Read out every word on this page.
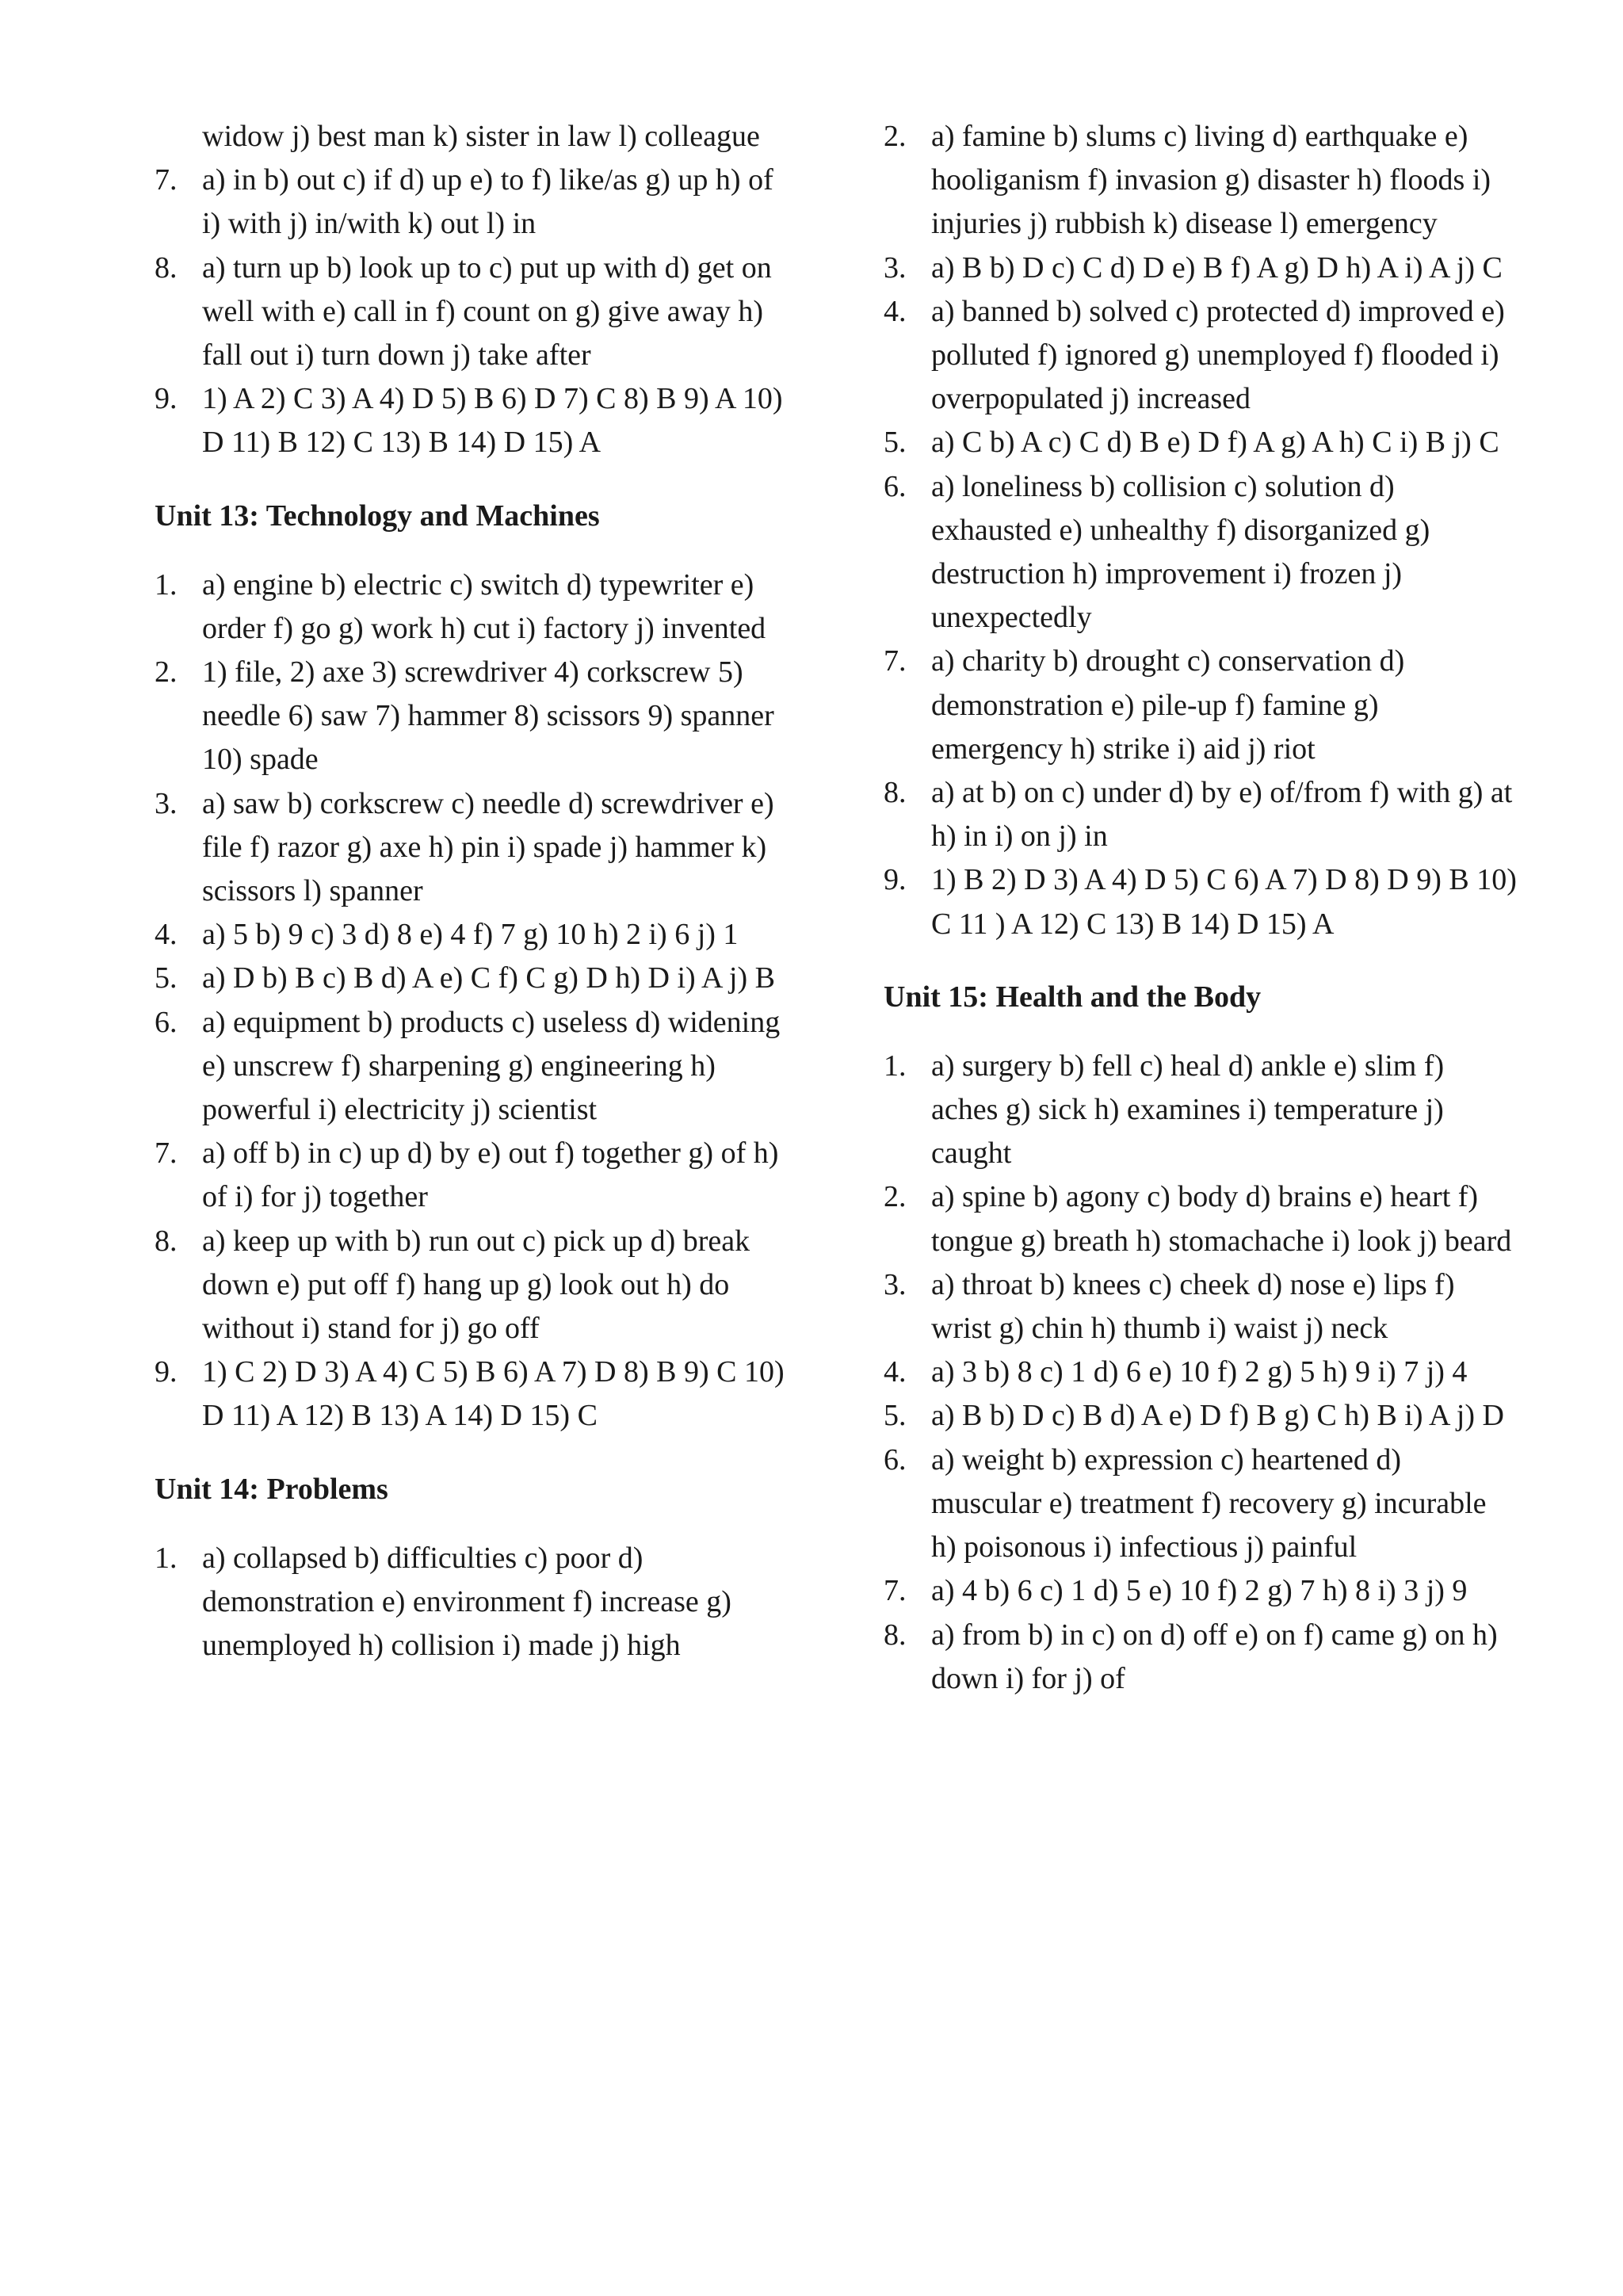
widow j) best man k) sister in law l) colleague
7. a) in b) out c) if d) up e) to f) like/as g) up h) of i) with j) in/with k) out l) in
8. a) turn up b) look up to c) put up with d) get on well with e) call in f) count on g) give away h) fall out i) turn down j) take after
9. 1) A 2) C 3) A 4) D 5) B 6) D 7) C 8) B 9) A 10) D 11) B 12) C 13) B 14) D 15) A
Unit 13: Technology and Machines
1. a) engine b) electric c) switch d) typewriter e) order f) go g) work h) cut i) factory j) invented
2. 1) file, 2) axe 3) screwdriver 4) corkscrew 5) needle 6) saw 7) hammer 8) scissors 9) spanner 10) spade
3. a) saw b) corkscrew c) needle d) screwdriver e) file f) razor g) axe h) pin i) spade j) hammer k) scissors l) spanner
4. a) 5 b) 9 c) 3 d) 8 e) 4 f) 7 g) 10 h) 2 i) 6 j) 1
5. a) D b) B c) B d) A e) C f) C g) D h) D i) A j) B
6. a) equipment b) products c) useless d) widening e) unscrew f) sharpening g) engineering h) powerful i) electricity j) scientist
7. a) off b) in c) up d) by e) out f) together g) of h) of i) for j) together
8. a) keep up with b) run out c) pick up d) break down e) put off f) hang up g) look out h) do without i) stand for j) go off
9. 1) C 2) D 3) A 4) C 5) B 6) A 7) D 8) B 9) C 10) D 11) A 12) B 13) A 14) D 15) C
Unit 14: Problems
1. a) collapsed b) difficulties c) poor d) demonstration e) environment f) increase g) unemployed h) collision i) made j) high
2. a) famine b) slums c) living d) earthquake e) hooliganism f) invasion g) disaster h) floods i) injuries j) rubbish k) disease l) emergency
3. a) B b) D c) C d) D e) B f) A g) D h) A i) A j) C
4. a) banned b) solved c) protected d) improved e) polluted f) ignored g) unemployed f) flooded i) overpopulated j) increased
5. a) C b) A c) C d) B e) D f) A g) A h) C i) B j) C
6. a) loneliness b) collision c) solution d) exhausted e) unhealthy f) disorganized g) destruction h) improvement i) frozen j) unexpectedly
7. a) charity b) drought c) conservation d) demonstration e) pile-up f) famine g) emergency h) strike i) aid j) riot
8. a) at b) on c) under d) by e) of/from f) with g) at h) in i) on j) in
9. 1) B 2) D 3) A 4) D 5) C 6) A 7) D 8) D 9) B 10) C 11 ) A 12) C 13) B 14) D 15) A
Unit 15: Health and the Body
1. a) surgery b) fell c) heal d) ankle e) slim f) aches g) sick h) examines i) temperature j) caught
2. a) spine b) agony c) body d) brains e) heart f) tongue g) breath h) stomachache i) look j) beard
3. a) throat b) knees c) cheek d) nose e) lips f) wrist g) chin h) thumb i) waist j) neck
4. a) 3 b) 8 c) 1 d) 6 e) 10 f) 2 g) 5 h) 9 i) 7 j) 4
5. a) B b) D c) B d) A e) D f) B g) C h) B i) A j) D
6. a) weight b) expression c) heartened d) muscular e) treatment f) recovery g) incurable h) poisonous i) infectious j) painful
7. a) 4 b) 6 c) 1 d) 5 e) 10 f) 2 g) 7 h) 8 i) 3 j) 9
8. a) from b) in c) on d) off e) on f) came g) on h) down i) for j) of
